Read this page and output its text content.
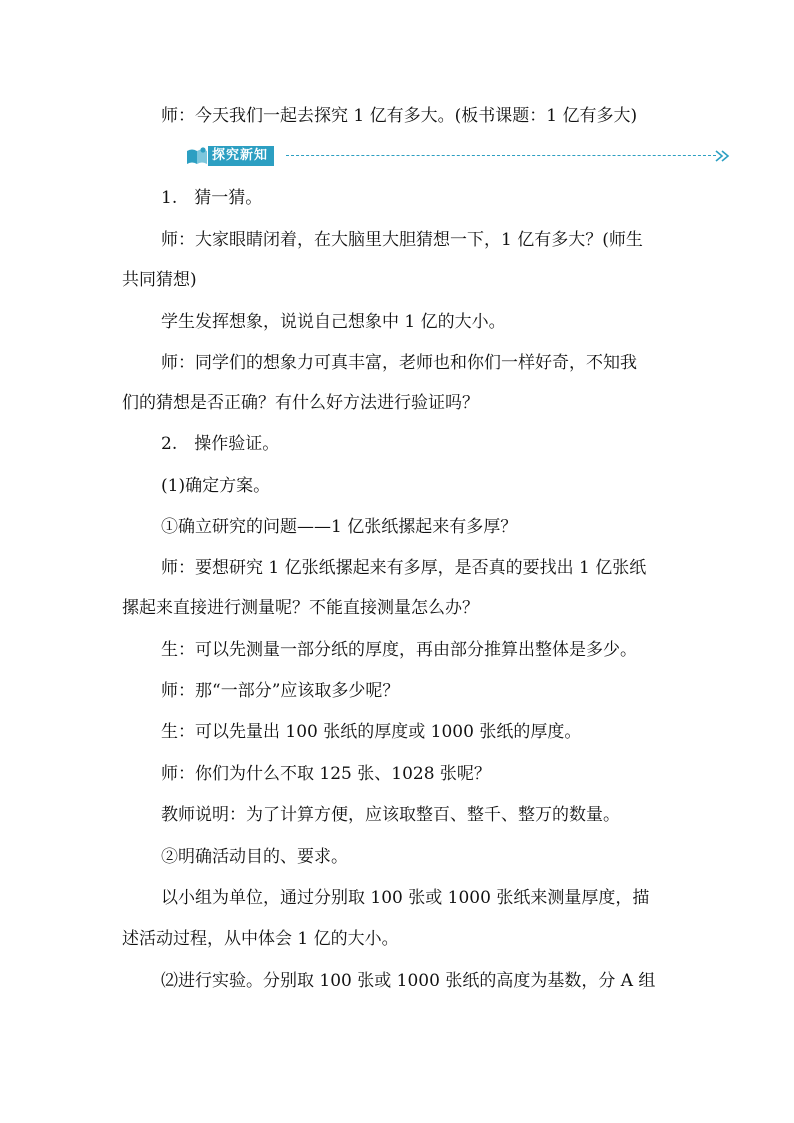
师：今天我们一起去探究 1 亿有多大。(板书课题：1 亿有多大)
探究新知
1.　猜一猜。
师：大家眼睛闭着，在大脑里大胆猜想一下，1 亿有多大？(师生
共同猜想)
学生发挥想象，说说自己想象中 1 亿的大小。
师：同学们的想象力可真丰富，老师也和你们一样好奇，不知我
们的猜想是否正确？有什么好方法进行验证吗？
2.　操作验证。
(1)确定方案。
①确立研究的问题——1 亿张纸摞起来有多厚？
师：要想研究 1 亿张纸摞起来有多厚，是否真的要找出 1 亿张纸
摞起来直接进行测量呢？不能直接测量怎么办？
生：可以先测量一部分纸的厚度，再由部分推算出整体是多少。
师：那“一部分”应该取多少呢？
生：可以先量出 100 张纸的厚度或 1000 张纸的厚度。
师：你们为什么不取 125 张、1028 张呢？
教师说明：为了计算方便，应该取整百、整千、整万的数量。
②明确活动目的、要求。
以小组为单位，通过分别取 100 张或 1000 张纸来测量厚度，描
述活动过程，从中体会 1 亿的大小。
⑵进行实验。分别取 100 张或 1000 张纸的高度为基数，分 A 组
